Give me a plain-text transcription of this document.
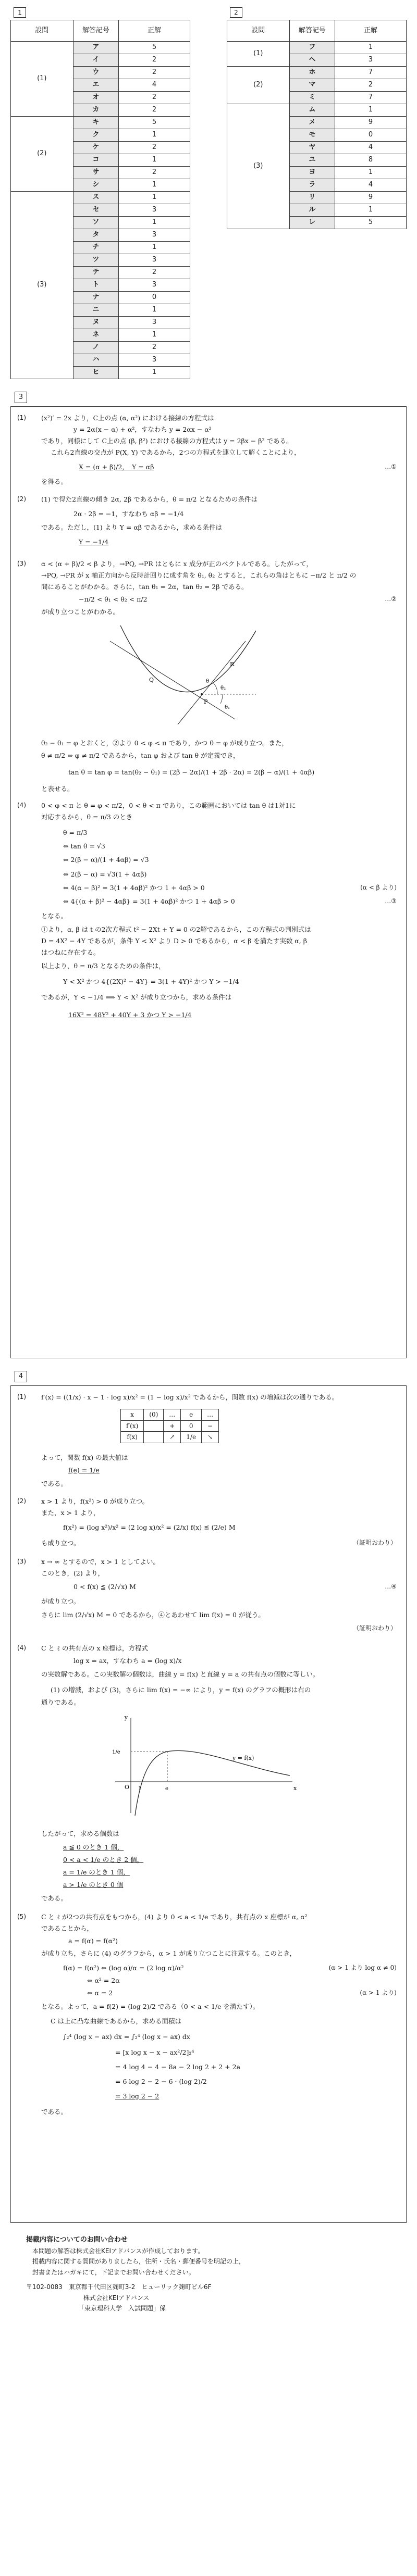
1
設問	解答記号	正解
(1)	ア	5
	イ	2
	ウ	2
	エ	4
	オ	2
	カ	2
(2)	キ	5
	ク	1
	ケ	2
	コ	1
	サ	2
	シ	1
(3)	ス	1
	セ	3
	ソ	1
	タ	3
	チ	1
	ツ	3
	テ	2
	ト	3
	ナ	0
	ニ	1
	ヌ	3
	ネ	1
	ノ	2
	ハ	3
	ヒ	1
2
設問	解答記号	正解
(1)	フ	1
	ヘ	3
(2)	ホ	7
	マ	2
	ミ	7
(3)	ム	1
	メ	9
	モ	0
	ヤ	4
	ユ	8
	ヨ	1
	ラ	4
	リ	9
	ル	1
	レ	5
3
(1) (x²)′ = 2x より，C上の点 (α, α²) における接線の方程式は
y = 2α(x − α) + α²，すなわち y = 2αx − α²
であり，同様にして C上の点 (β, β²) における接線の方程式は y = 2βx − β² である。
これら2直線の交点が P(X, Y) であるから，2つの方程式を連立して解くことにより，
X = (α + β)/2，　Y = αβ	…①
を得る。
(2) (1) で得た2直線の傾き 2α, 2β であるから，θ = π/2 となるための条件は
2α · 2β = −1，すなわち αβ = −1/4
である。ただし，(1) より Y = αβ であるから，求める条件は
Y = −1/4
(3) α < (α + β)/2 < β より，→PQ, →PR はともに x 成分が正のベクトルである。したがって，
→PQ, →PR が x 軸正方向から反時計回りに成す角を θ₁, θ₂ とすると，これらの角はともに −π/2 と π/2 の
間にあることがわかる。さらに，tan θ₁ = 2α，tan θ₂ = 2β である。
−π/2 < θ₁ < θ₂ < π/2	…②
が成り立つことがわかる。
P
Q
R
θ₂
θ₁
θ
θ₂ − θ₁ = φ とおくと，②より 0 < φ < π であり，かつ θ = φ が成り立つ。また，
θ ≠ π/2 ⇔ φ ≠ π/2 であるから，tan φ および tan θ が定義でき，
tan θ = tan φ = tan(θ₂ − θ₁) = (2β − 2α)/(1 + 2β · 2α) = 2(β − α)/(1 + 4αβ)
と表せる。
(4) 0 < φ < π と θ = φ < π/2，0 < θ < π であり，この範囲においては tan θ は1対1に
対応するから，θ = π/3 のとき
θ = π/3
⇔ tan θ = √3
⇔ 2(β − α)/(1 + 4αβ) = √3
⇔ 2(β − α) = √3(1 + 4αβ)
⇔ 4(α − β)² = 3(1 + 4αβ)² かつ 1 + 4αβ > 0	(α < β より)
⇔ 4{(α + β)² − 4αβ} = 3(1 + 4αβ)² かつ 1 + 4αβ > 0	…③
となる。
①より，α, β は t の2次方程式 t² − 2Xt + Y = 0 の2解であるから，この方程式の判別式は
D = 4X² − 4Y であるが，条件 Y < X² より D > 0 であるから，α < β を満たす実数 α, β
はつねに存在する。
以上より，θ = π/3 となるための条件は，
Y < X² かつ 4{(2X)² − 4Y} = 3(1 + 4Y)² かつ Y > −1/4
であるが，Y < −1/4 ⟹ Y < X² が成り立つから，求める条件は
16X² = 48Y² + 40Y + 3 かつ Y > −1/4
4
(1) f′(x) = ((1/x) · x − 1 · log x)/x² = (1 − log x)/x² であるから，関数 f(x) の増減は次の通りである。
x	(0)	…	e	…
f′(x)		+	0	−
f(x)		↗	1/e	↘
よって，関数 f(x) の最大値は
f(e) = 1/e
である。
(2) x > 1 より，f(x²) > 0 が成り立つ。
また，x > 1 より，
f(x²) = (log x²)/x² = (2 log x)/x² = (2/x) f(x) ≦ (2/e) M
も成り立つ。	（証明おわり）
(3) x → ∞ とするので，x > 1 としてよい。
このとき，(2) より，
0 < f(x) ≦ (2/√x) M	…④
が成り立つ。
さらに lim (2/√x) M = 0 であるから，④とあわせて lim f(x) = 0 が従う。
（証明おわり）
(4) C と ℓ の共有点の x 座標は，方程式
log x = ax，すなわち a = (log x)/x
の実数解である。この実数解の個数は，曲線 y = f(x) と直線 y = a の共有点の個数に等しい。
(1) の増減，および (3)，さらに lim f(x) = −∞ により，y = f(x) のグラフの概形は右の
通りである。
y
x
O 1	e
1/e
y = f(x)
したがって，求める個数は
a ≦ 0 のとき 1 個，
0 < a < 1/e のとき 2 個，
a = 1/e のとき 1 個，
a > 1/e のとき 0 個
である。
(5) C と ℓ が2つの共有点をもつから，(4) より 0 < a < 1/e であり，共有点の x 座標が α, α²
であることから，
a = f(α) = f(α²)
が成り立ち，さらに (4) のグラフから，α > 1 が成り立つことに注意する。このとき，
f(α) = f(α²) ⇔ (log α)/α = (2 log α)/α²	(α > 1 より log α ≠ 0)
⇔ α² = 2α
⇔ α = 2	(α > 1 より)
となる。よって，a = f(2) = (log 2)/2 である（0 < a < 1/e を満たす）。
C は上に凸な曲線であるから，求める面積は
∫₂⁴ (log x − ax) dx = ∫₂⁴ (log x − ax) dx
= [x log x − x − ax²/2]₂⁴
= 4 log 4 − 4 − 8a − 2 log 2 + 2 + 2a
= 6 log 2 − 2 − 6 · (log 2)/2
= 3 log 2 − 2
である。
掲載内容についてのお問い合わせ
本問題の解答は株式会社KEIアドバンスが作成しております。
掲載内容に関する質問がありましたら，住所・氏名・郵便番号を明記の上，
封書またはハガキにて，下記までお問い合わせください。
〒102-0083　東京都千代田区麹町3-2　ヒューリック麹町ビル6F
株式会社KEIアドバンス
「東京理科大学　入試問題」係
